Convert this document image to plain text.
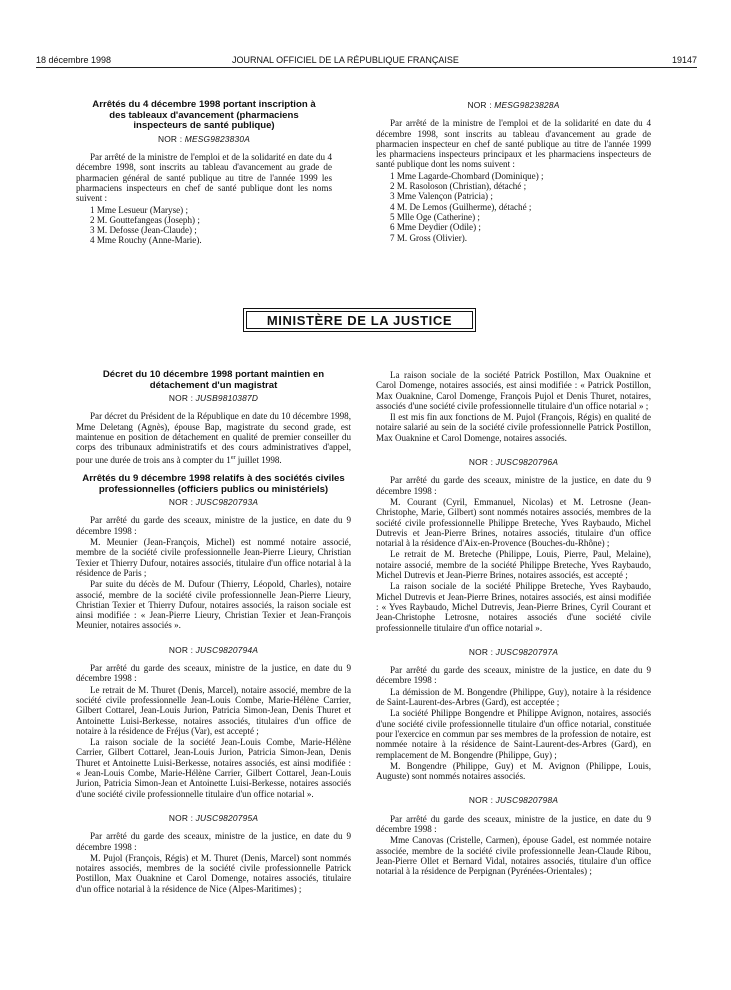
18 décembre 1998	JOURNAL OFFICIEL DE LA RÉPUBLIQUE FRANÇAISE	19147
Arrêtés du 4 décembre 1998 portant inscription à des tableaux d'avancement (pharmaciens inspecteurs de santé publique)
NOR : MESG9823830A

Par arrêté de la ministre de l'emploi et de la solidarité en date du 4 décembre 1998, sont inscrits au tableau d'avancement au grade de pharmacien général de santé publique au titre de l'année 1999 les pharmaciens inspecteurs en chef de santé publique dont les noms suivent :

1 Mme Lesueur (Maryse) ;
2 M. Gouttefangeas (Joseph) ;
3 M. Defosse (Jean-Claude) ;
4 Mme Rouchy (Anne-Marie).
NOR : MESG9823828A

Par arrêté de la ministre de l'emploi et de la solidarité en date du 4 décembre 1998, sont inscrits au tableau d'avancement au grade de pharmacien inspecteur en chef de santé publique au titre de l'année 1999 les pharmaciens inspecteurs principaux et les pharmaciens inspecteurs de santé publique dont les noms suivent :

1 Mme Lagarde-Chombard (Dominique) ;
2 M. Rasoloson (Christian), détaché ;
3 Mme Valençon (Patricia) ;
4 M. De Lemos (Guilherme), détaché ;
5 Mlle Oge (Catherine) ;
6 Mme Deydier (Odile) ;
7 M. Gross (Olivier).
MINISTÈRE DE LA JUSTICE
Décret du 10 décembre 1998 portant maintien en détachement d'un magistrat
NOR : JUSB9810387D

Par décret du Président de la République en date du 10 décembre 1998, Mme Deletang (Agnès), épouse Bap, magistrate du second grade, est maintenue en position de détachement en qualité de premier conseiller du corps des tribunaux administratifs et des cours administratives d'appel, pour une durée de trois ans à compter du 1er juillet 1998.

Arrêtés du 9 décembre 1998 relatifs à des sociétés civiles professionnelles (officiers publics ou ministériels)
NOR : JUSC9820793A

Par arrêté du garde des sceaux, ministre de la justice, en date du 9 décembre 1998 :

M. Meunier (Jean-François, Michel) est nommé notaire associé, membre de la société civile professionnelle Jean-Pierre Lieury, Christian Texier et Thierry Dufour, notaires associés, titulaire d'un office notarial à la résidence de Paris ;

Par suite du décès de M. Dufour (Thierry, Léopold, Charles), notaire associé, membre de la société civile professionnelle Jean-Pierre Lieury, Christian Texier et Thierry Dufour, notaires associés, la raison sociale est ainsi modifiée : « Jean-Pierre Lieury, Christian Texier et Jean-François Meunier, notaires associés ».

NOR : JUSC9820794A

Par arrêté du garde des sceaux, ministre de la justice, en date du 9 décembre 1998 :

Le retrait de M. Thuret (Denis, Marcel), notaire associé, membre de la société civile professionnelle Jean-Louis Combe, Marie-Hélène Carrier, Gilbert Cottarel, Jean-Louis Jurion, Patricia Simon-Jean, Denis Thuret et Antoinette Luisi-Berkesse, notaires associés, titulaires d'un office de notaire à la résidence de Fréjus (Var), est accepté ;

La raison sociale de la société Jean-Louis Combe, Marie-Hélène Carrier, Gilbert Cottarel, Jean-Louis Jurion, Patricia Simon-Jean, Denis Thuret et Antoinette Luisi-Berkesse, notaires associés, est ainsi modifiée : « Jean-Louis Combe, Marie-Hélène Carrier, Gilbert Cottarel, Jean-Louis Jurion, Patricia Simon-Jean et Antoinette Luisi-Berkesse, notaires associés d'une société civile professionnelle titulaire d'un office notarial ».

NOR : JUSC9820795A

Par arrêté du garde des sceaux, ministre de la justice, en date du 9 décembre 1998 :

M. Pujol (François, Régis) et M. Thuret (Denis, Marcel) sont nommés notaires associés, membres de la société civile professionnelle Patrick Postillon, Max Ouaknine et Carol Domenge, notaires associés, titulaire d'un office notarial à la résidence de Nice (Alpes-Maritimes) ;

La raison sociale de la société Patrick Postillon, Max Ouaknine et Carol Domenge, notaires associés, est ainsi modifiée : « Patrick Postillon, Max Ouaknine, Carol Domenge, François Pujol et Denis Thuret, notaires, associés d'une société civile professionnelle titulaire d'un office notarial » ;

Il est mis fin aux fonctions de M. Pujol (François, Régis) en qualité de notaire salarié au sein de la société civile professionnelle Patrick Postillon, Max Ouaknine et Carol Domenge, notaires associés.

NOR : JUSC9820796A

Par arrêté du garde des sceaux, ministre de la justice, en date du 9 décembre 1998 :

M. Courant (Cyril, Emmanuel, Nicolas) et M. Letrosne (Jean-Christophe, Marie, Gilbert) sont nommés notaires associés, membres de la société civile professionnelle Philippe Breteche, Yves Raybaudo, Michel Dutrevis et Jean-Pierre Brines, notaires associés, titulaire d'un office notarial à la résidence d'Aix-en-Provence (Bouches-du-Rhône) ;

Le retrait de M. Breteche (Philippe, Louis, Pierre, Paul, Melaine), notaire associé, membre de la société Philippe Breteche, Yves Raybaudo, Michel Dutrevis et Jean-Pierre Brines, notaires associés, est accepté ;

La raison sociale de la société Philippe Breteche, Yves Raybaudo, Michel Dutrevis et Jean-Pierre Brines, notaires associés, est ainsi modifiée : « Yves Raybaudo, Michel Dutrevis, Jean-Pierre Brines, Cyril Courant et Jean-Christophe Letrosne, notaires associés d'une société civile professionnelle titulaire d'un office notarial ».

NOR : JUSC9820797A

Par arrêté du garde des sceaux, ministre de la justice, en date du 9 décembre 1998 :

La démission de M. Bongendre (Philippe, Guy), notaire à la résidence de Saint-Laurent-des-Arbres (Gard), est acceptée ;

La société Philippe Bongendre et Philippe Avignon, notaires, associés d'une société civile professionnelle titulaire d'un office notarial, constituée pour l'exercice en commun par ses membres de la profession de notaire, est nommée notaire à la résidence de Saint-Laurent-des-Arbres (Gard), en remplacement de M. Bongendre (Philippe, Guy) ;

M. Bongendre (Philippe, Guy) et M. Avignon (Philippe, Louis, Auguste) sont nommés notaires associés.

NOR : JUSC9820798A

Par arrêté du garde des sceaux, ministre de la justice, en date du 9 décembre 1998 :

Mme Canovas (Cristelle, Carmen), épouse Gadel, est nommée notaire associée, membre de la société civile professionnelle Jean-Claude Ribou, Jean-Pierre Ollet et Bernard Vidal, notaires associés, titulaire d'un office notarial à la résidence de Perpignan (Pyrénées-Orientales) ;
